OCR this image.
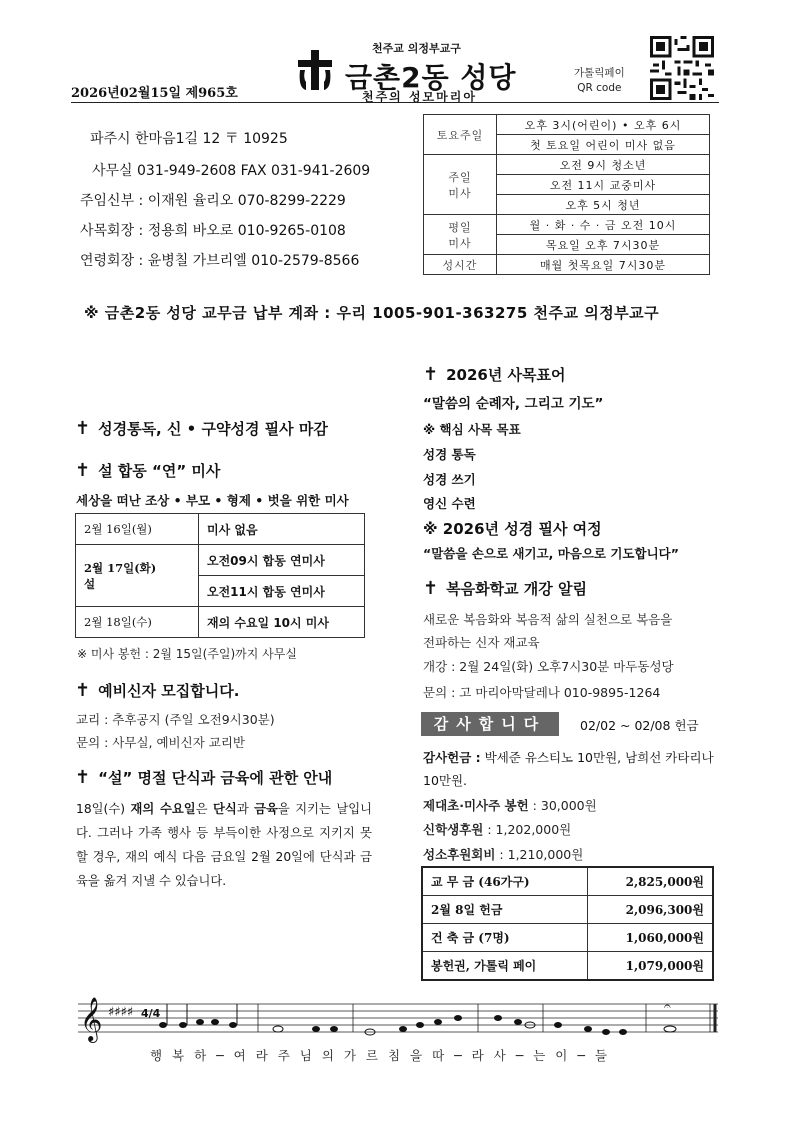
천주교 의정부교구
금촌2동 성당
천주의 성모마리아
2026년02월15일 제965호
가톨릭페이
QR code
파주시 한마음1길 12 〒 10925
사무실 031-949-2608 FAX 031-941-2609
주임신부 : 이재원 율리오 070-8299-2229
사목회장 : 정용희 바오로 010-9265-0108
연령회장 : 윤병칠 가브리엘 010-2579-8566
토요주일	오후 3시(어린이) • 오후 6시
	첫 토요일 어린이 미사 없음

주일
미사	오전 9시 청소년
	오전 11시 교중미사
	오후 5시 청년

평일
미사	월 · 화 · 수 · 금 오전 10시
	목요일 오후 7시30분
성시간	매월 첫목요일 7시30분
※ 금촌2동 성당 교무금 납부 계좌 : 우리 1005-901-363275 천주교 의정부교구
✝ 성경통독, 신 • 구약성경 필사 마감
✝ 설 합동 “연” 미사
세상을 떠난 조상 • 부모 • 형제 • 벗을 위한 미사
2월 16일(월)	미사 없음

2월 17일(화)
설	오전09시 합동 연미사
	오전11시 합동 연미사
2월 18일(수)	재의 수요일 10시 미사
※ 미사 봉헌 : 2월 15일(주일)까지 사무실
✝ 예비신자 모집합니다.
교리 : 추후공지 (주일 오전9시30분)
문의 : 사무실, 예비신자 교리반
✝ “설” 명절 단식과 금육에 관한 안내
18일(수) 재의 수요일은 단식과 금육을 지키는 날입니다. 그러나 가족 행사 등 부득이한 사정으로 지키지 못할 경우, 재의 예식 다음 금요일 2월 20일에 단식과 금육을 옮겨 지낼 수 있습니다.
✝ 2026년 사목표어
“말씀의 순례자, 그리고 기도”
※ 핵심 사목 목표
성경 통독
성경 쓰기
영신 수련
※ 2026년 성경 필사 여정
“말씀을 손으로 새기고, 마음으로 기도합니다”
✝ 복음화학교 개강 알림
새로운 복음화와 복음적 삶의 실천으로 복음을
전파하는 신자 재교육
개강 : 2월 24일(화) 오후7시30분 마두동성당
문의 : 고 마리아막달레나 010-9895-1264
감사합니다	02/02 ~ 02/08 헌금
감사헌금 : 박세준 유스티노 10만원, 남희선 카타리나 10만원.
제대초·미사주 봉헌 : 30,000원
신학생후원 : 1,202,000원
성소후원회비 : 1,210,000원
교 무 금 (46가구)	2,825,000원
2월 8일 헌금	2,096,300원
건 축 금 (7명)	1,060,000원
봉헌권, 가톨릭 페이	1,079,000원
𝄞 ♯♯♯♯ 4/4
𝄐
행 복 하 ─ 여 라 주 님 의 가 르 침 을 따 ─ 라 사 ─ 는 이 ─ 들
